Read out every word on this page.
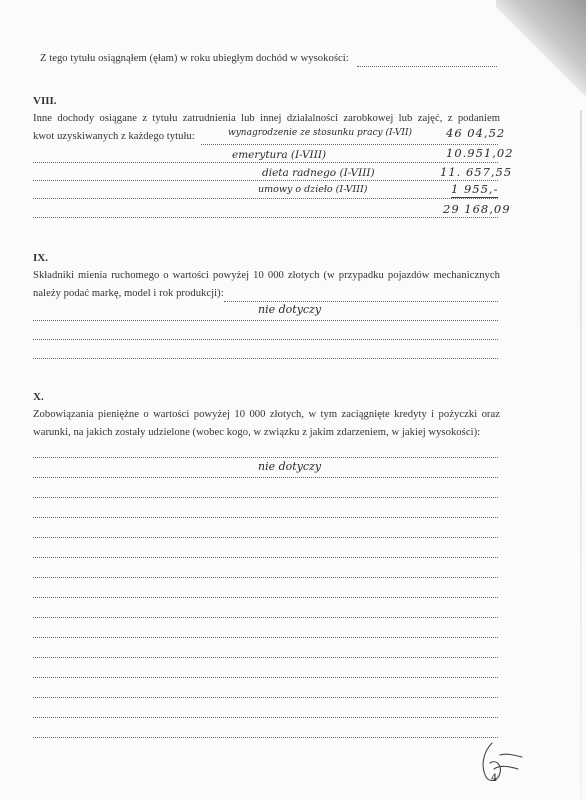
Z tego tytułu osiągnąłem (ęłam) w roku ubiegłym dochód w wysokości:
VIII.
Inne dochody osiągane z tytułu zatrudnienia lub innej działalności zarobkowej lub zajęć, z podaniem
kwot uzyskiwanych z każdego tytułu:	wynagrodzenie ze stosunku pracy (I-VII)	46 04,52
emerytura (I-VIII)	10.951,02
dieta radnego (I-VIII)	11. 657,55
umowy o dzieło (I-VIII)	1 955,-
29 168,09
IX.
Składniki mienia ruchomego o wartości powyżej 10 000 złotych (w przypadku pojazdów mechanicznych
należy podać markę, model i rok produkcji):
nie dotyczy
X.
Zobowiązania pieniężne o wartości powyżej 10 000 złotych, w tym zaciągnięte kredyty i pożyczki oraz
warunki, na jakich zostały udzielone (wobec kogo, w związku z jakim zdarzeniem, w jakiej wysokości):
nie dotyczy
4
